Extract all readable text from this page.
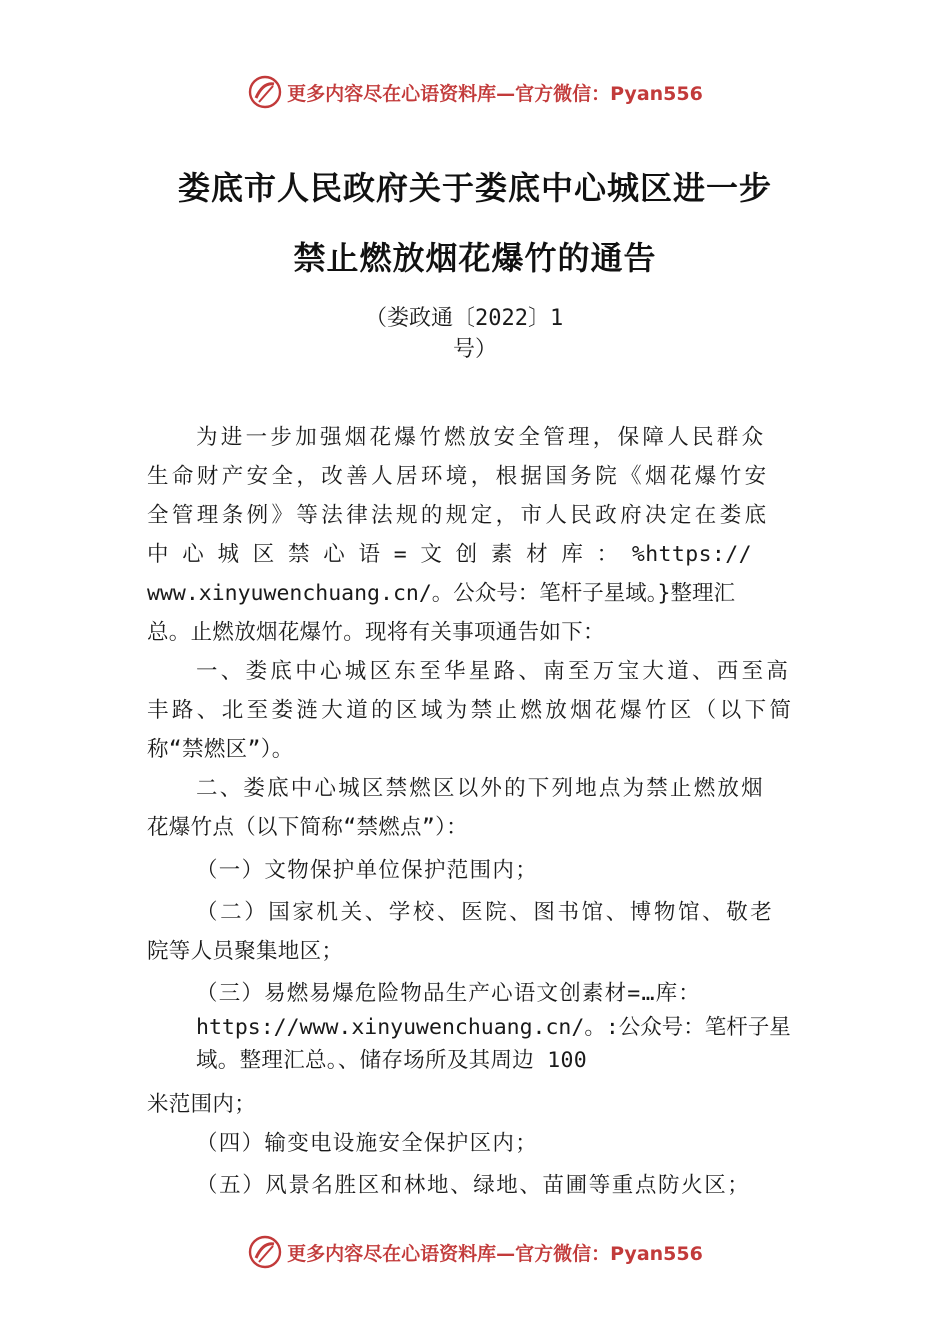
更多内容尽在心语资料库—官方微信：Pyan556
娄底市人民政府关于娄底中心城区进一步
禁止燃放烟花爆竹的通告
（娄政通〔2022〕1
号）
为进一步加强烟花爆竹燃放安全管理，保障人民群众
生命财产安全，改善人居环境，根据国务院《烟花爆竹安
全管理条例》等法律法规的规定，市人民政府决定在娄底
中 心 城 区 禁 心 语 = 文 创 素 材 库 ： %https://
www.xinyuwenchuang.cn/。公众号：笔杆子星域。}整理汇
总。止燃放烟花爆竹。现将有关事项通告如下：
一、娄底中心城区东至华星路、南至万宝大道、西至高
丰路、北至娄涟大道的区域为禁止燃放烟花爆竹区（以下简
称“禁燃区”）。
二、娄底中心城区禁燃区以外的下列地点为禁止燃放烟
花爆竹点（以下简称“禁燃点”）：
（一）文物保护单位保护范围内；
（二）国家机关、学校、医院、图书馆、博物馆、敬老
院等人员聚集地区；
（三）易燃易爆危险物品生产心语文创素材=…库：
https://www.xinyuwenchuang.cn/。:公众号：笔杆子星
域。整理汇总。、储存场所及其周边 100
米范围内；
（四）输变电设施安全保护区内；
（五）风景名胜区和林地、绿地、苗圃等重点防火区；
更多内容尽在心语资料库—官方微信：Pyan556
